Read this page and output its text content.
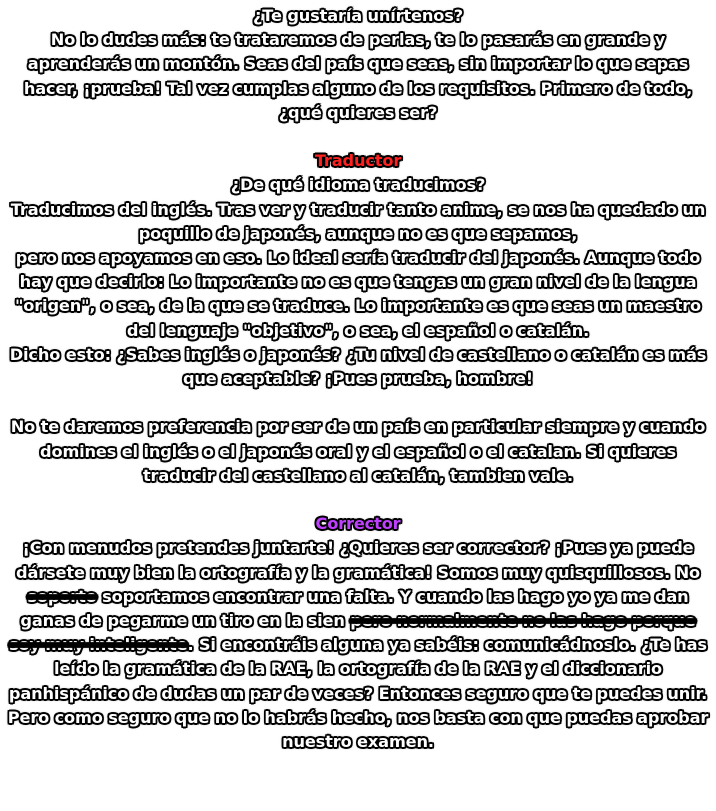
¿Te gustaría unírtenos?

No lo dudes más: te trataremos de perlas, te lo pasarás en grande y aprenderás un montón. Seas del país que seas, sin importar lo que sepas hacer, ¡prueba! Tal vez cumplas alguno de los requisitos. Primero de todo, ¿qué quieres ser?

Traductor

¿De qué idioma traducimos?

Traducimos del inglés. Tras ver y traducir tanto anime, se nos ha quedado un poquillo de japonés, aunque no es que sepamos,

pero nos apoyamos en eso. Lo ideal sería traducir del japonés. Aunque todo hay que decirlo: Lo importante no es que tengas un gran nivel de la lengua "origen", o sea, de la que se traduce. Lo importante es que seas un maestro del lenguaje "objetivo", o sea, el español o catalán.

Dicho esto: ¿Sabes inglés o japonés? ¿Tu nivel de castellano o catalán es más que aceptable? ¡Pues prueba, hombre!

No te daremos preferencia por ser de un país en particular siempre y cuando domines el inglés o el japonés oral y el español o el catalan. Si quieres traducir del castellano al catalán, tambien vale.

Corrector

¡Con menudos pretendes juntarte! ¿Quieres ser corrector? ¡Pues ya puede dársete muy bien la ortografía y la gramática! Somos muy quisquillosos. No soporto soportamos encontrar una falta. Y cuando las hago yo ya me dan ganas de pegarme un tiro en la sien pero normalmente no las hago porque soy muy inteligente. Si encontráis alguna ya sabéis: comunicádnoslo. ¿Te has leído la gramática de la RAE, la ortografía de la RAE y el diccionario panhispánico de dudas un par de veces? Entonces seguro que te puedes unir. Pero como seguro que no lo habrás hecho, nos basta con que puedas aprobar nuestro examen.
